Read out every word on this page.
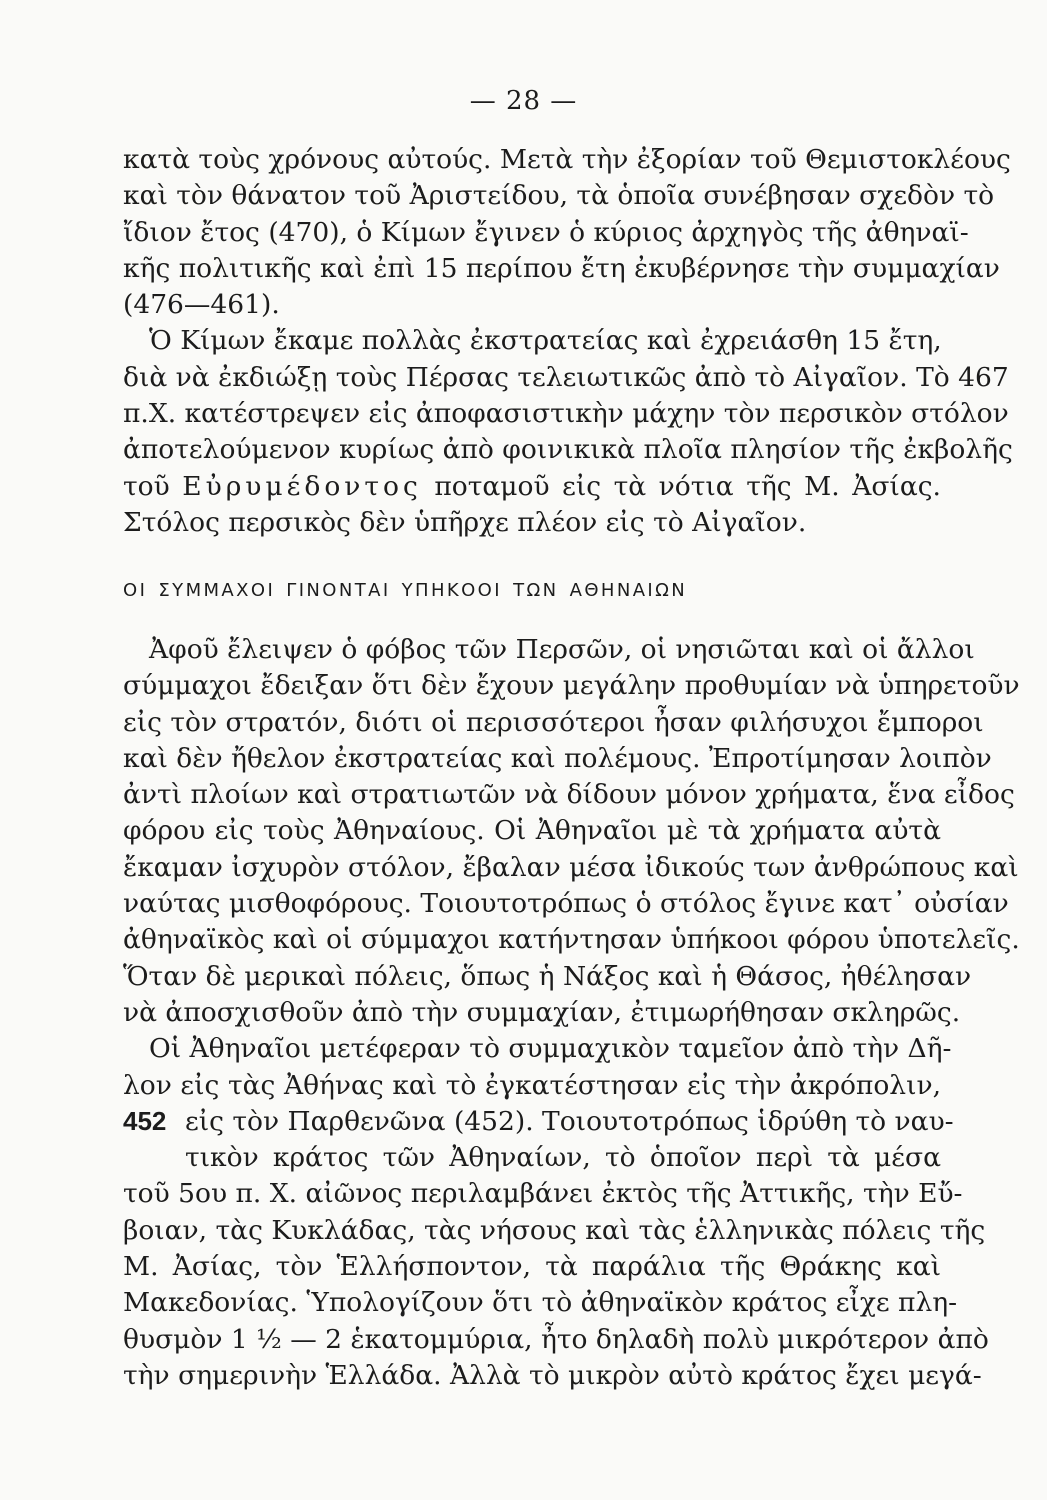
— 28 —
κατὰ τοὺς χρόνους αὐτούς. Μετὰ τὴν ἐξορίαν τοῦ Θεμιστοκλέους
καὶ τὸν θάνατον τοῦ Ἀριστείδου, τὰ ὁποῖα συνέβησαν σχεδὸν τὸ
ἴδιον ἔτος (470), ὁ Κίμων ἔγινεν ὁ κύριος ἀρχηγὸς τῆς ἀθηναϊ-
κῆς πολιτικῆς καὶ ἐπὶ 15 περίπου ἔτη ἐκυβέρνησε τὴν συμμαχίαν
(476—461).
Ὁ Κίμων ἔκαμε πολλὰς ἐκστρατείας καὶ ἐχρειάσθη 15 ἔτη,
διὰ νὰ ἐκδιώξῃ τοὺς Πέρσας τελειωτικῶς ἀπὸ τὸ Αἰγαῖον. Τὸ 467
π.Χ. κατέστρεψεν εἰς ἀποφασιστικὴν μάχην τὸν περσικὸν στόλον
ἀποτελούμενον κυρίως ἀπὸ φοινικικὰ πλοῖα πλησίον τῆς ἐκβολῆς
τοῦ Εὐρυμέδοντος ποταμοῦ εἰς τὰ νότια τῆς Μ. Ἀσίας.
Στόλος περσικὸς δὲν ὑπῆρχε πλέον εἰς τὸ Αἰγαῖον.
ΟΙ ΣΥΜΜΑΧΟΙ ΓΙΝΟΝΤΑΙ ΥΠΗΚΟΟΙ ΤΩΝ ΑΘΗΝΑΙΩΝ
Ἀφοῦ ἔλειψεν ὁ φόβος τῶν Περσῶν, οἱ νησιῶται καὶ οἱ ἄλλοι
σύμμαχοι ἔδειξαν ὅτι δὲν ἔχουν μεγάλην προθυμίαν νὰ ὑπηρετοῦν
εἰς τὸν στρατόν, διότι οἱ περισσότεροι ἦσαν φιλήσυχοι ἔμποροι
καὶ δὲν ἤθελον ἐκστρατείας καὶ πολέμους. Ἐπροτίμησαν λοιπὸν
ἀντὶ πλοίων καὶ στρατιωτῶν νὰ δίδουν μόνον χρήματα, ἕνα εἶδος
φόρου εἰς τοὺς Ἀθηναίους. Οἱ Ἀθηναῖοι μὲ τὰ χρήματα αὐτὰ
ἔκαμαν ἰσχυρὸν στόλον, ἔβαλαν μέσα ἰδικούς των ἀνθρώπους καὶ
ναύτας μισθοφόρους. Τοιουτοτρόπως ὁ στόλος ἔγινε κατ᾽ οὐσίαν
ἀθηναϊκὸς καὶ οἱ σύμμαχοι κατήντησαν ὑπήκοοι φόρου ὑποτελεῖς.
Ὅταν δὲ μερικαὶ πόλεις, ὅπως ἡ Νάξος καὶ ἡ Θάσος, ἠθέλησαν
νὰ ἀποσχισθοῦν ἀπὸ τὴν συμμαχίαν, ἐτιμωρήθησαν σκληρῶς.
Οἱ Ἀθηναῖοι μετέφεραν τὸ συμμαχικὸν ταμεῖον ἀπὸ τὴν Δῆ-
λον εἰς τὰς Ἀθήνας καὶ τὸ ἐγκατέστησαν εἰς τὴν ἀκρόπολιν,
εἰς τὸν Παρθενῶνα (452). Τοιουτοτρόπως ἱδρύθη τὸ ναυ-
τικὸν κράτος τῶν Ἀθηναίων, τὸ ὁποῖον περὶ τὰ μέσα
τοῦ 5ου π. Χ. αἰῶνος περιλαμβάνει ἐκτὸς τῆς Ἀττικῆς, τὴν Εὔ-
βοιαν, τὰς Κυκλάδας, τὰς νήσους καὶ τὰς ἑλληνικὰς πόλεις τῆς
Μ. Ἀσίας, τὸν Ἑλλήσποντον, τὰ παράλια τῆς Θράκης καὶ
Μακεδονίας. Ὑπολογίζουν ὅτι τὸ ἀθηναϊκὸν κράτος εἶχε πλη-
θυσμὸν 1 ½ — 2 ἑκατομμύρια, ἦτο δηλαδὴ πολὺ μικρότερον ἀπὸ
τὴν σημερινὴν Ἑλλάδα. Ἀλλὰ τὸ μικρὸν αὐτὸ κράτος ἔχει μεγά-
452
